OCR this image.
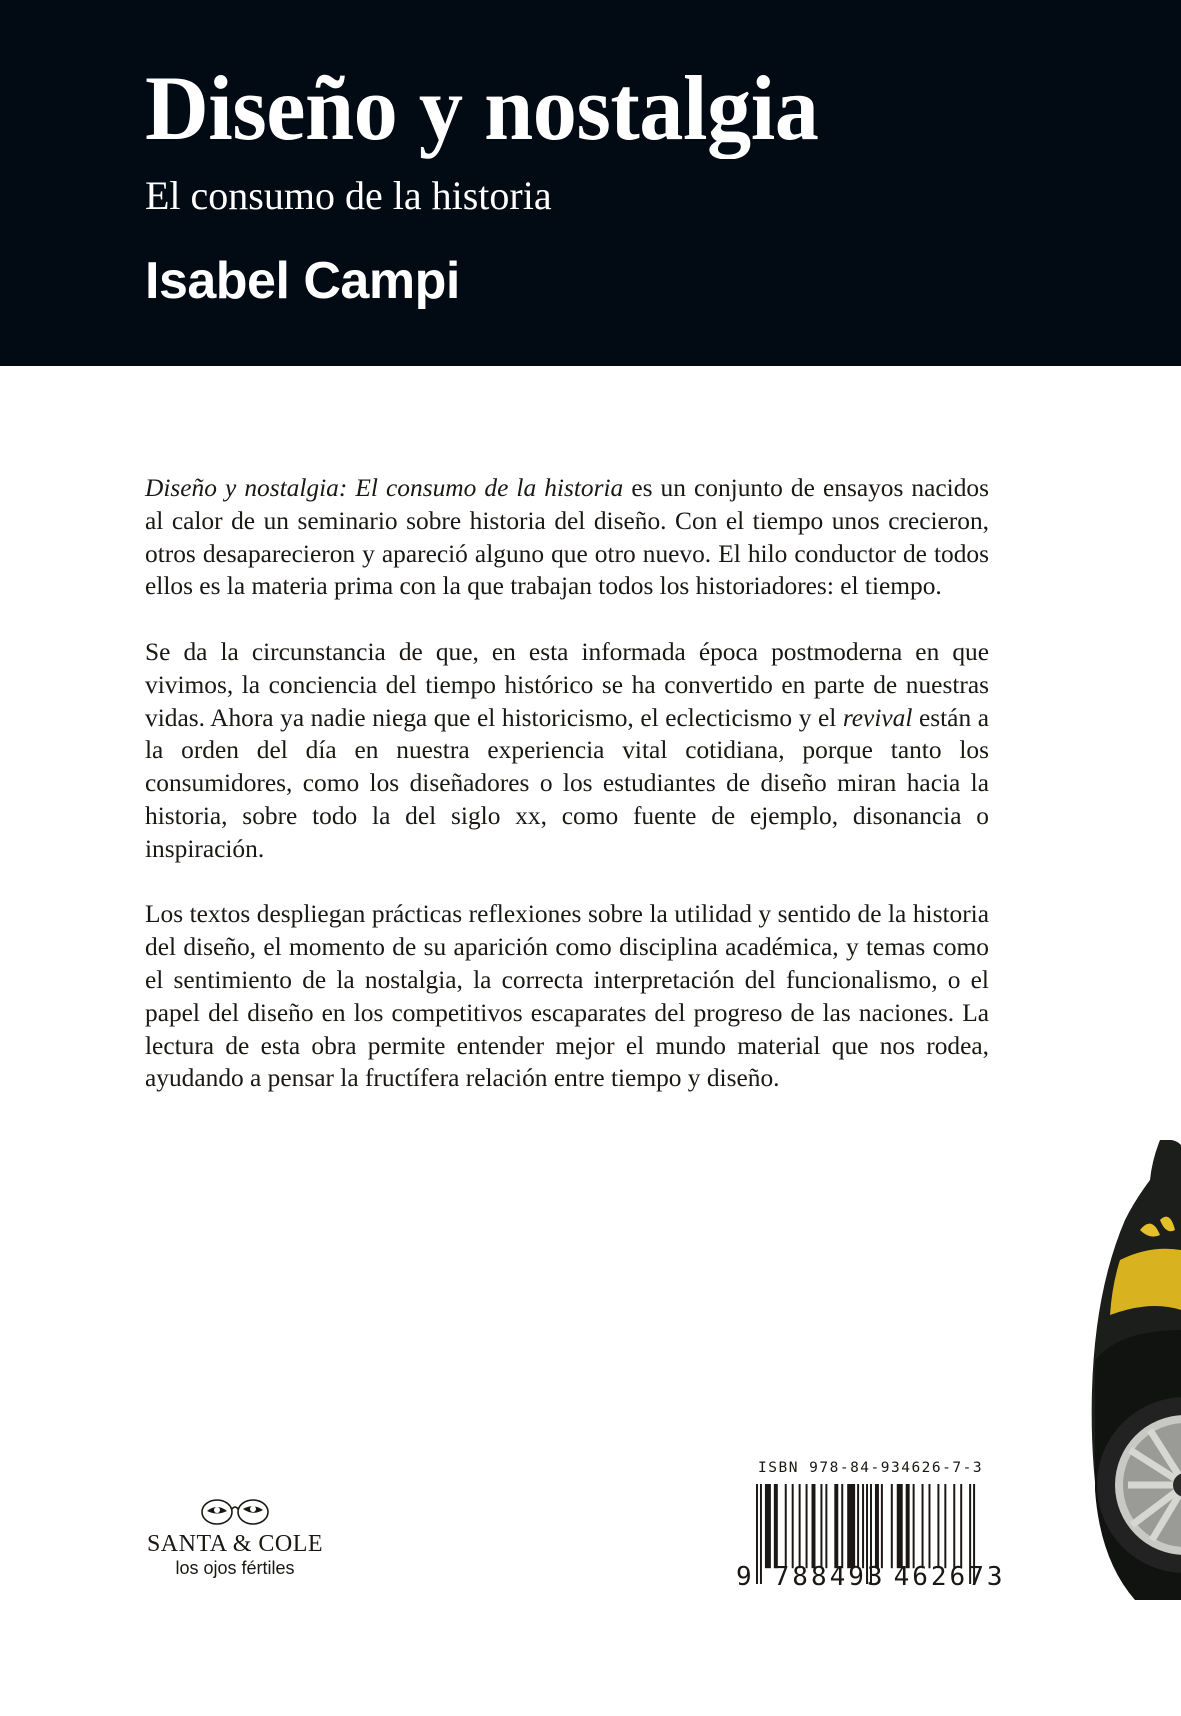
Diseño y nostalgia
El consumo de la historia
Isabel Campi

Diseño y nostalgia: El consumo de la historia es un conjunto de ensayos nacidos al calor de un seminario sobre historia del diseño. Con el tiempo unos crecieron, otros desaparecieron y apareció alguno que otro nuevo. El hilo conductor de todos ellos es la materia prima con la que trabajan todos los historiadores: el tiempo.

Se da la circunstancia de que, en esta informada época postmoderna en que vivimos, la conciencia del tiempo histórico se ha convertido en parte de nuestras vidas. Ahora ya nadie niega que el historicismo, el eclecticismo y el revival están a la orden del día en nuestra experiencia vital cotidiana, porque tanto los consumidores, como los diseñadores o los estudiantes de diseño miran hacia la historia, sobre todo la del siglo xx, como fuente de ejemplo, disonancia o inspiración.

Los textos despliegan prácticas reflexiones sobre la utilidad y sentido de la historia del diseño, el momento de su aparición como disciplina académica, y temas como el sentimiento de la nostalgia, la correcta interpretación del funcionalismo, o el papel del diseño en los competitivos escaparates del progreso de las naciones. La lectura de esta obra permite entender mejor el mundo material que nos rodea, ayudando a pensar la fructífera relación entre tiempo y diseño.

SANTA & COLE
los ojos fértiles
ISBN 978-84-934626-7-3
9 788493 462673
